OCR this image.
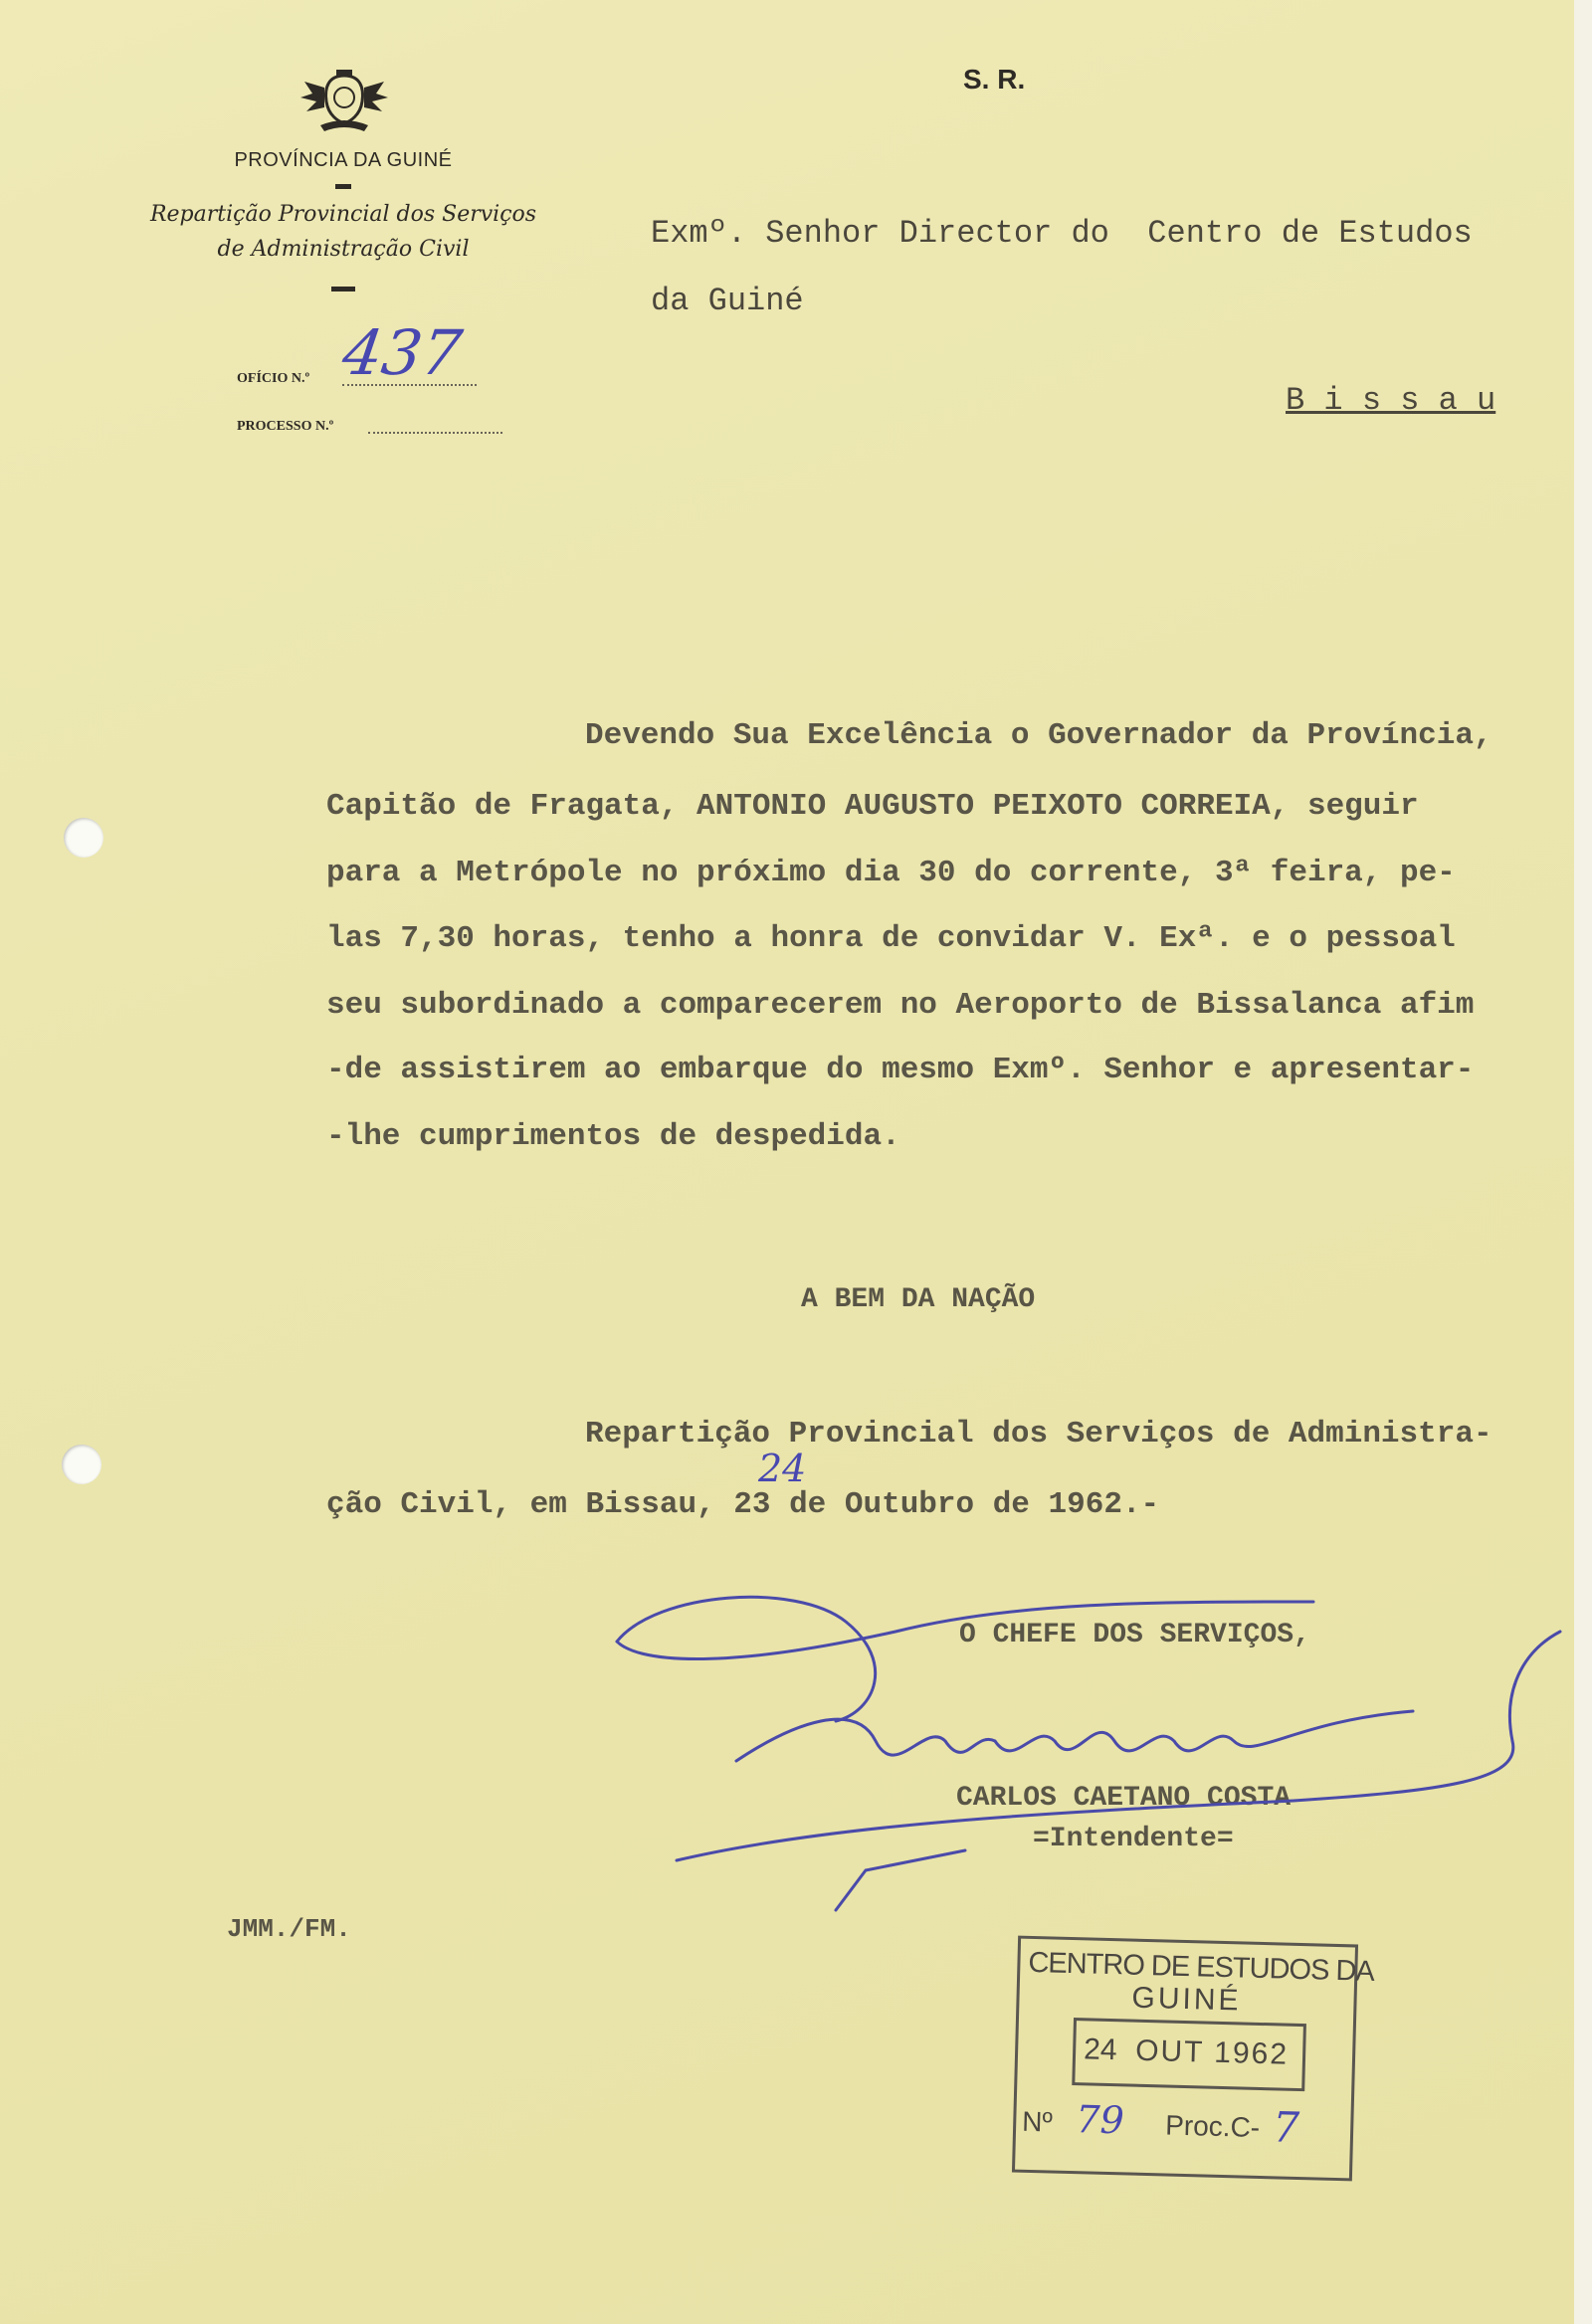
PROVÍNCIA DA GUINÉ
Repartição Provincial dos Serviços
de Administração Civil
OFÍCIO N.º 437
PROCESSO N.º
S. R.
Exmº. Senhor Director do  Centro de Estudos
da Guiné
B i s s a u
Devendo Sua Excelência o Governador da Província,
Capitão de Fragata, ANTONIO AUGUSTO PEIXOTO CORREIA, seguir
para a Metrópole no próximo dia 30 do corrente, 3ª feira, pe-
las 7,30 horas, tenho a honra de convidar V. Exª. e o pessoal
seu subordinado a comparecerem no Aeroporto de Bissalanca afim
-de assistirem ao embarque do mesmo Exmº. Senhor e apresentar-
-lhe cumprimentos de despedida.
A BEM DA NAÇÃO
Repartição Provincial dos Serviços de Administra-
ção Civil, em Bissau, 23 de Outubro de 1962.-
24
O CHEFE DOS SERVIÇOS,
CARLOS CAETANO COSTA
=Intendente=
JMM./FM.
CENTRO DE ESTUDOS DA
GUINÉ

24

OUT 1962

Nº 79 Proc.C- 7
